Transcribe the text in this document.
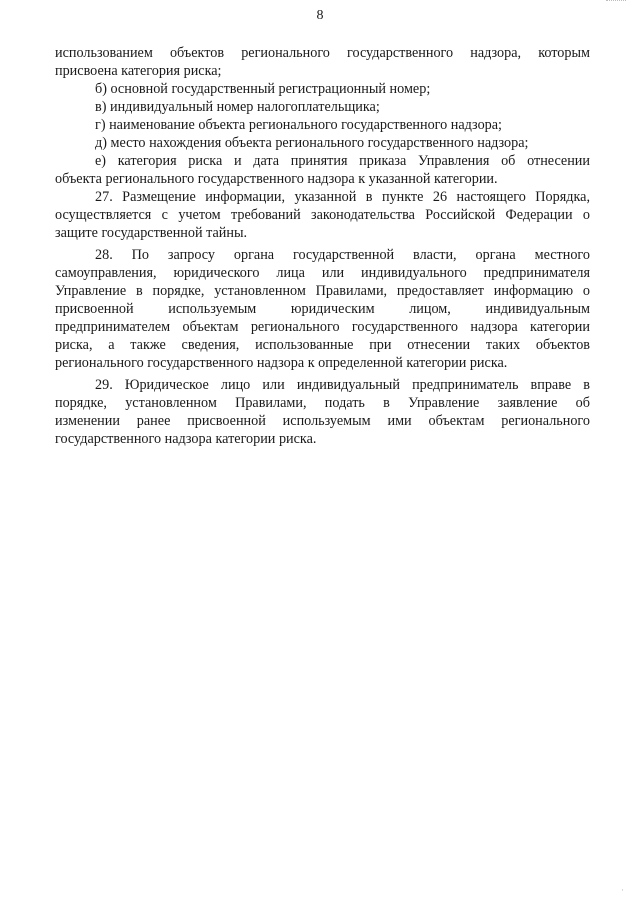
8
использованием объектов регионального государственного надзора, которым
присвоена категория риска;
б) основной государственный регистрационный номер;
в) индивидуальный номер налогоплательщика;
г) наименование объекта регионального государственного надзора;
д) место нахождения объекта регионального государственного надзора;
е) категория риска и дата принятия приказа Управления об отнесении
объекта регионального государственного надзора к указанной категории.
27. Размещение информации, указанной в пункте 26 настоящего Порядка,
осуществляется с учетом требований законодательства Российской Федерации о
защите государственной тайны.
28. По запросу органа государственной власти, органа местного
самоуправления, юридического лица или индивидуального предпринимателя
Управление в порядке, установленном Правилами, предоставляет информацию о
присвоенной используемым юридическим лицом, индивидуальным
предпринимателем объектам регионального государственного надзора категории
риска, а также сведения, использованные при отнесении таких объектов
регионального государственного надзора к определенной категории риска.
29. Юридическое лицо или индивидуальный предприниматель вправе в
порядке, установленном Правилами, подать в Управление заявление об
изменении ранее присвоенной используемым ими объектам регионального
государственного надзора категории риска.
·
